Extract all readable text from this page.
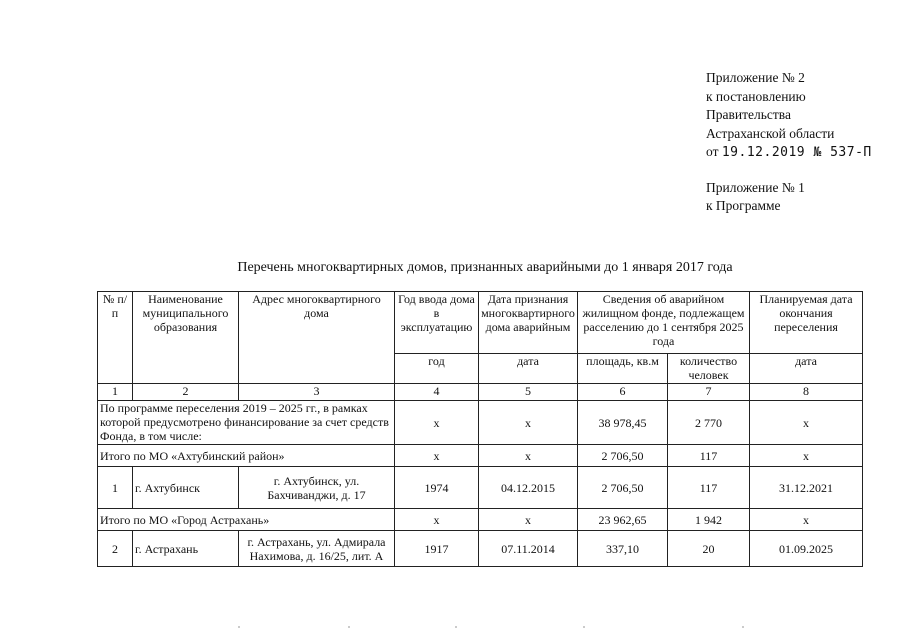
Приложение № 2
к постановлению
Правительства
Астраханской области
от 19.12.2019 № 537-П
Приложение № 1
к Программе
Перечень многоквартирных домов, признанных аварийными до 1 января 2017 года
№ п/п	Наименование муниципального образования	Адрес многоквартирного дома	Год ввода дома в эксплуатацию	Дата признания многоквартирного дома аварийным	Сведения об аварийном жилищном фонде, подлежащем расселению до 1 сентября 2025 года		Планируемая дата окончания переселения
			год	дата	площадь, кв.м	количество человек	дата
1	2	3	4	5	6	7	8
По программе переселения 2019 – 2025 гг., в рамках которой предусмотрено финансирование за счет средств Фонда, в том числе:			x	x	38 978,45	2 770	x
Итого по МО «Ахтубинский район»			x	x	2 706,50	117	x
1	г. Ахтубинск	г. Ахтубинск, ул. Бахчиванджи, д. 17	1974	04.12.2015	2 706,50	117	31.12.2021
Итого по МО «Город Астрахань»			x	x	23 962,65	1 942	x
2	г. Астрахань	г. Астрахань, ул. Адмирала Нахимова, д. 16/25, лит. А	1917	07.11.2014	337,10	20	01.09.2025
